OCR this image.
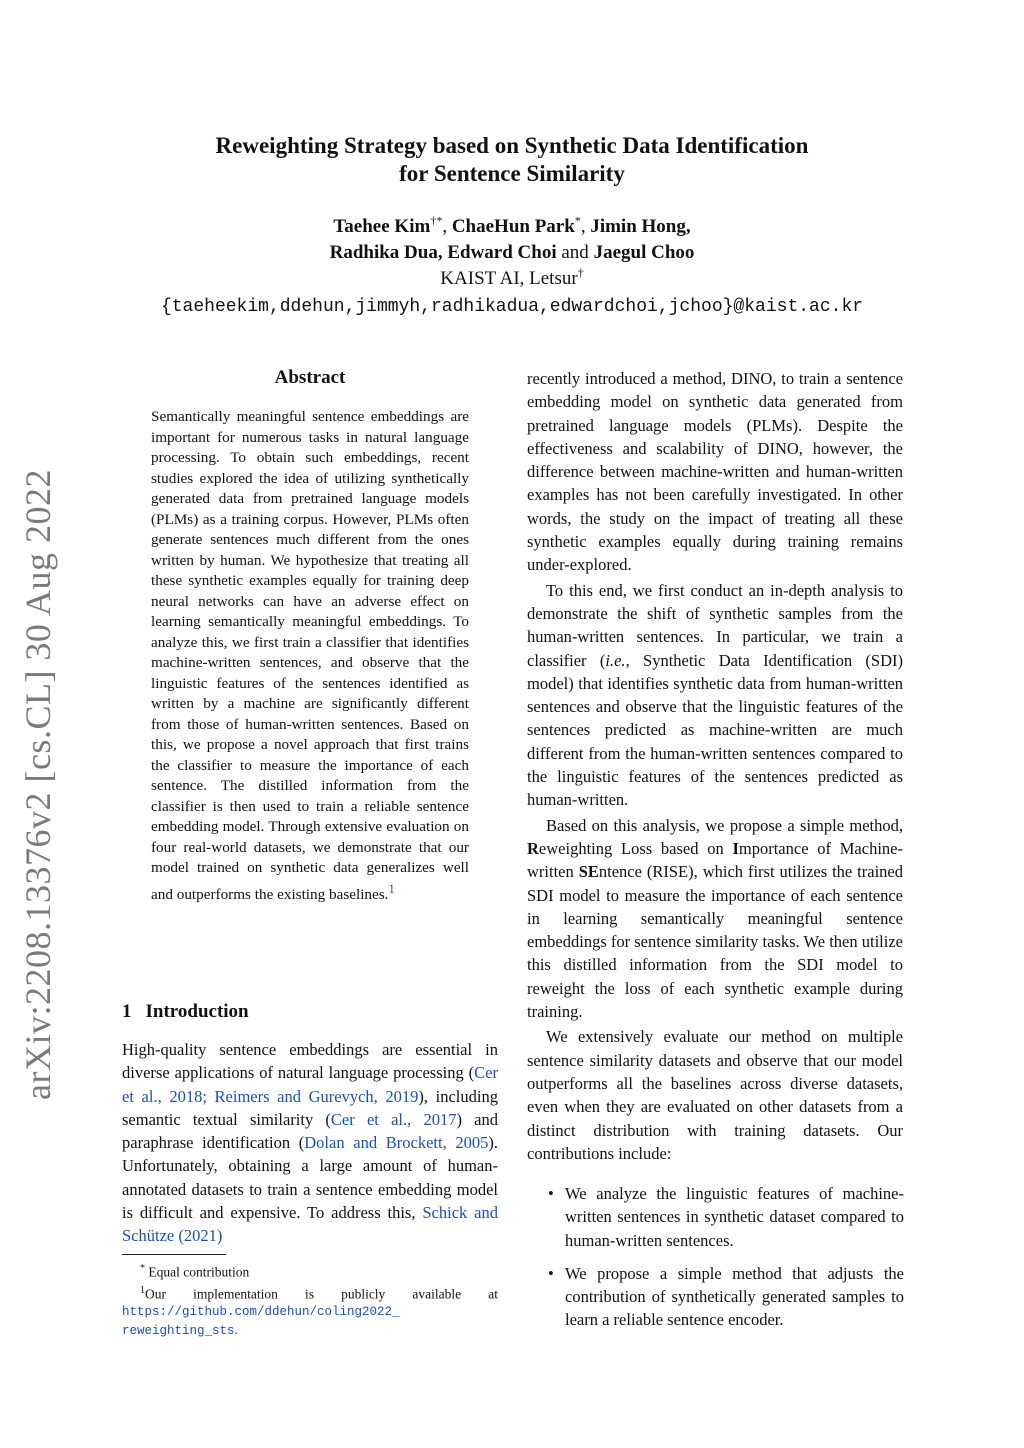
arXiv:2208.13376v2 [cs.CL] 30 Aug 2022
Reweighting Strategy based on Synthetic Data Identification
for Sentence Similarity
Taehee Kim†*, ChaeHun Park*, Jimin Hong,
Radhika Dua, Edward Choi and Jaegul Choo
KAIST AI, Letsur†
{taeheekim,ddehun,jimmyh,radhikadua,edwardchoi,jchoo}@kaist.ac.kr
Abstract
Semantically meaningful sentence embeddings are important for numerous tasks in natural language processing. To obtain such embeddings, recent studies explored the idea of utilizing synthetically generated data from pretrained language models (PLMs) as a training corpus. However, PLMs often generate sentences much different from the ones written by human. We hypothesize that treating all these synthetic examples equally for training deep neural networks can have an adverse effect on learning semantically meaningful embeddings. To analyze this, we first train a classifier that identifies machine-written sentences, and observe that the linguistic features of the sentences identified as written by a machine are significantly different from those of human-written sentences. Based on this, we propose a novel approach that first trains the classifier to measure the importance of each sentence. The distilled information from the classifier is then used to train a reliable sentence embedding model. Through extensive evaluation on four real-world datasets, we demonstrate that our model trained on synthetic data generalizes well and outperforms the existing baselines.$^1$
1 Introduction
High-quality sentence embeddings are essential in diverse applications of natural language processing (Cer et al., 2018; Reimers and Gurevych, 2019), including semantic textual similarity (Cer et al., 2017) and paraphrase identification (Dolan and Brockett, 2005). Unfortunately, obtaining a large amount of human-annotated datasets to train a sentence embedding model is difficult and expensive. To address this, Schick and Schütze (2021)

* Equal contribution

$^1$Our implementation is publicly available at

https://github.com/ddehun/coling2022_
reweighting_sts.

recently introduced a method, DINO, to train a sentence embedding model on synthetic data generated from pretrained language models (PLMs). Despite the effectiveness and scalability of DINO, however, the difference between machine-written and human-written examples has not been carefully investigated. In other words, the study on the impact of treating all these synthetic examples equally during training remains under-explored.

To this end, we first conduct an in-depth analysis to demonstrate the shift of synthetic samples from the human-written sentences. In particular, we train a classifier (i.e., Synthetic Data Identification (SDI) model) that identifies synthetic data from human-written sentences and observe that the linguistic features of the sentences predicted as machine-written are much different from the human-written sentences compared to the linguistic features of the sentences predicted as human-written.

Based on this analysis, we propose a simple method, Reweighting Loss based on Importance of Machine-written SEntence (RISE), which first utilizes the trained SDI model to measure the importance of each sentence in learning semantically meaningful sentence embeddings for sentence similarity tasks. We then utilize this distilled information from the SDI model to reweight the loss of each synthetic example during training.

We extensively evaluate our method on multiple sentence similarity datasets and observe that our model outperforms all the baselines across diverse datasets, even when they are evaluated on other datasets from a distinct distribution with training datasets. Our contributions include:

• We analyze the linguistic features of machine-written sentences in synthetic dataset compared to human-written sentences.
• We propose a simple method that adjusts the contribution of synthetically generated samples to learn a reliable sentence encoder.
